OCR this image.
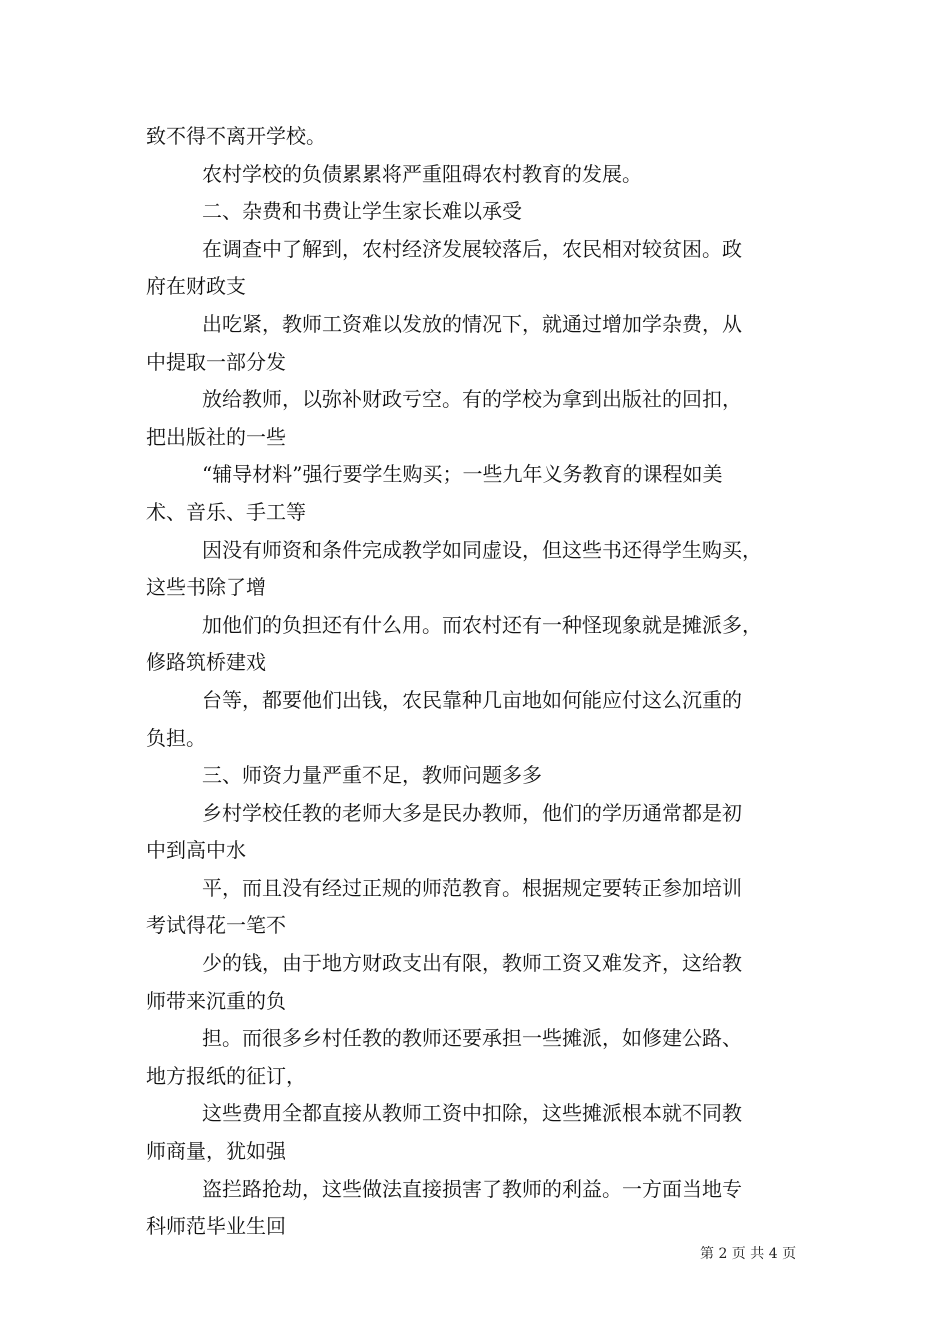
致不得不离开学校。
农村学校的负债累累将严重阻碍农村教育的发展。
二、杂费和书费让学生家长难以承受
在调查中了解到，农村经济发展较落后，农民相对较贫困。政
府在财政支
出吃紧，教师工资难以发放的情况下，就通过增加学杂费，从
中提取一部分发
放给教师，以弥补财政亏空。有的学校为拿到出版社的回扣，
把出版社的一些
“辅导材料”强行要学生购买；一些九年义务教育的课程如美
术、音乐、手工等
因没有师资和条件完成教学如同虚设，但这些书还得学生购买，
这些书除了增
加他们的负担还有什么用。而农村还有一种怪现象就是摊派多，
修路筑桥建戏
台等，都要他们出钱，农民靠种几亩地如何能应付这么沉重的
负担。
三、师资力量严重不足，教师问题多多
乡村学校任教的老师大多是民办教师，他们的学历通常都是初
中到高中水
平，而且没有经过正规的师范教育。根据规定要转正参加培训
考试得花一笔不
少的钱，由于地方财政支出有限，教师工资又难发齐，这给教
师带来沉重的负
担。而很多乡村任教的教师还要承担一些摊派，如修建公路、
地方报纸的征订，
这些费用全都直接从教师工资中扣除，这些摊派根本就不同教
师商量，犹如强
盗拦路抢劫，这些做法直接损害了教师的利益。一方面当地专
科师范毕业生回
第 2 页 共 4 页
